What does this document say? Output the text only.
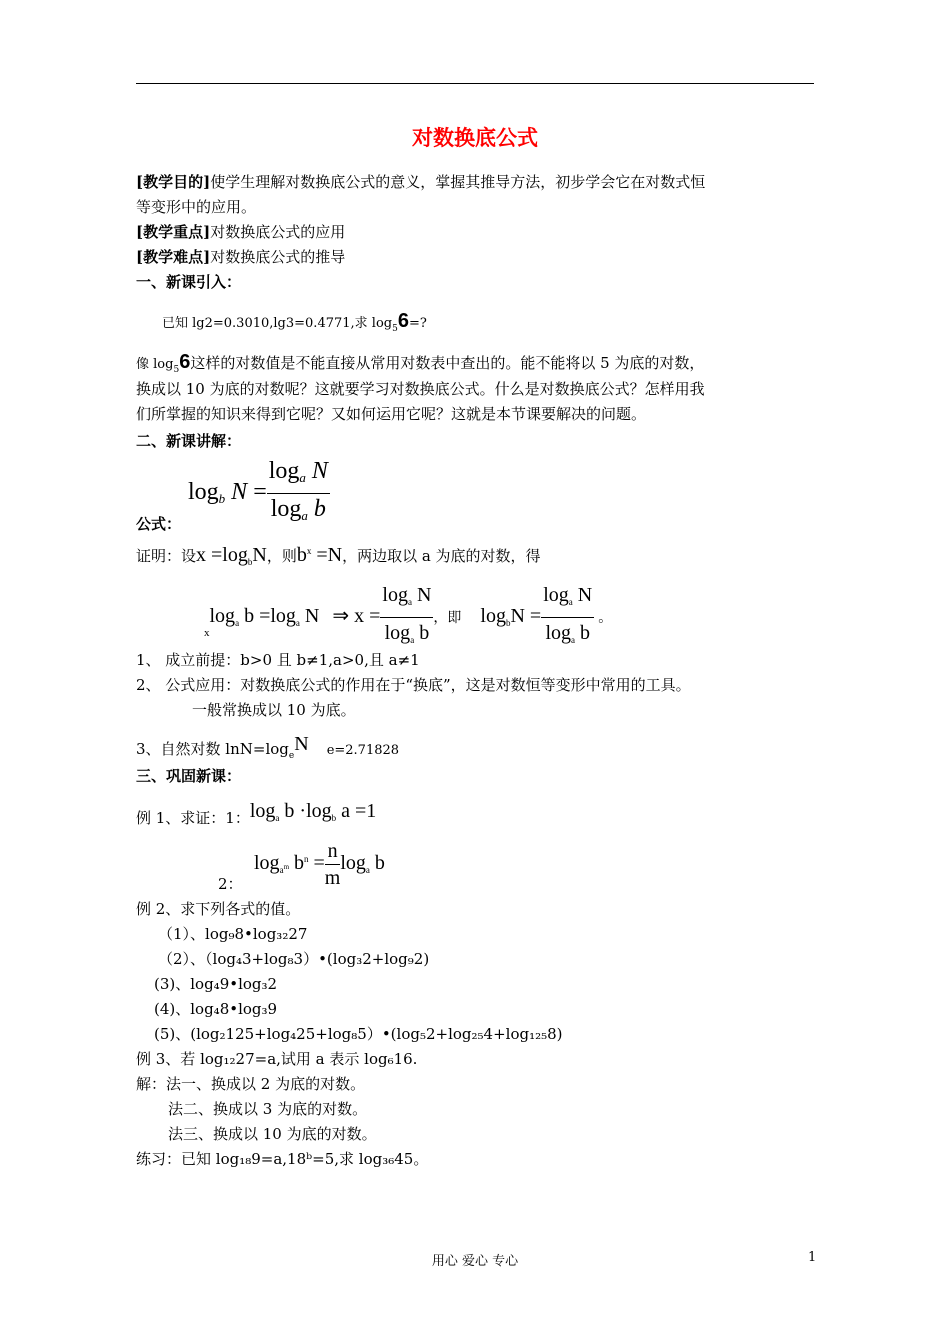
对数换底公式
[教学目的]使学生理解对数换底公式的意义，掌握其推导方法，初步学会它在对数式恒
等变形中的应用。
[教学重点]对数换底公式的应用
[教学难点]对数换底公式的推导
一、新课引入：
已知 lg2=0.3010,lg3=0.4771,求 $\log_56=$?
像 $\log_56$这样的对数值是不能直接从常用对数表中查出的。能不能将以 5 为底的对数，
换成以 10 为底的对数呢？这就要学习对数换底公式。什么是对数换底公式？怎样用我
们所掌握的知识来得到它呢？又如何运用它呢？这就是本节课要解决的问题。
二、新课讲解：
$\log_b N = \frac{\log_a N}{\log_a b}$
公式：
证明：设$x =\log_bN$，则$b^x =N$，两边取以 a 为底的对数，得
$_x\log_a$ $b =\log_a$ N ⇒ $x = \frac{\log_a N}{\log_a b}$ ，即 $\log_bN = \frac{\log_a N}{\log_a b}$ 。
1、 成立前提：b>0 且 b≠1,a>0,且 a≠1
2、 公式应用：对数换底公式的作用在于“换底”，这是对数恒等变形中常用的工具。
一般常换成以 10 为底。
3、自然对数 $\ln N=\log_eN$ e=2.71828
三、巩固新课：
例 1、求证：1：$\log_a b \cdot\log_b$ a =1
$\log_{a^m} b^n = \frac{n}{m} \log_a b$
2：
例 2、求下列各式的值。
（1）、log₉8•log₃₂27
（2）、（log₄3+log₈3）•(log₃2+log₉2)
(3)、log₄9•log₃2
(4)、log₄8•log₃9
(5)、(log₂125+log₄25+log₈5）•(log₅2+log₂₅4+log₁₂₅8)
例 3、若 log₁₂27=a,试用 a 表示 log₆16.
解：法一、换成以 2 为底的对数。
法二、换成以 3 为底的对数。
法三、换成以 10 为底的对数。
练习：已知 log₁₈9=a,18ᵇ=5,求 log₃₆45。
用心 爱心 专心	1
